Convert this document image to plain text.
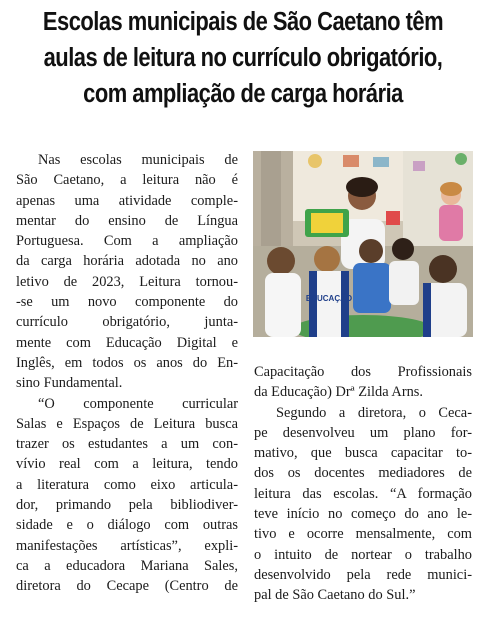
Escolas municipais de São Caetano têm
aulas de leitura no currículo obrigatório,
com ampliação de carga horária
Nas escolas municipais de
São Caetano, a leitura não é
apenas uma atividade comple-
mentar do ensino de Língua
Portuguesa. Com a ampliação
da carga horária adotada no ano
letivo de 2023, Leitura tornou-
-se um novo componente do
currículo obrigatório, junta-
mente com Educação Digital e
Inglês, em todos os anos do En-
sino Fundamental.
“O componente curricular
Salas e Espaços de Leitura busca
trazer os estudantes a um con-
vívio real com a leitura, tendo
a literatura como eixo articula-
dor, primando pela bibliodiver-
sidade e o diálogo com outras
manifestações artísticas”, expli-
ca a educadora Mariana Sales,
diretora do Cecape (Centro de
EDUCAÇÃO
Capacitação dos Profissionais
da Educação) Drª Zilda Arns.
Segundo a diretora, o Ceca-
pe desenvolveu um plano for-
mativo, que busca capacitar to-
dos os docentes mediadores de
leitura das escolas. “A formação
teve início no começo do ano le-
tivo e ocorre mensalmente, com
o intuito de nortear o trabalho
desenvolvido pela rede munici-
pal de São Caetano do Sul.”
